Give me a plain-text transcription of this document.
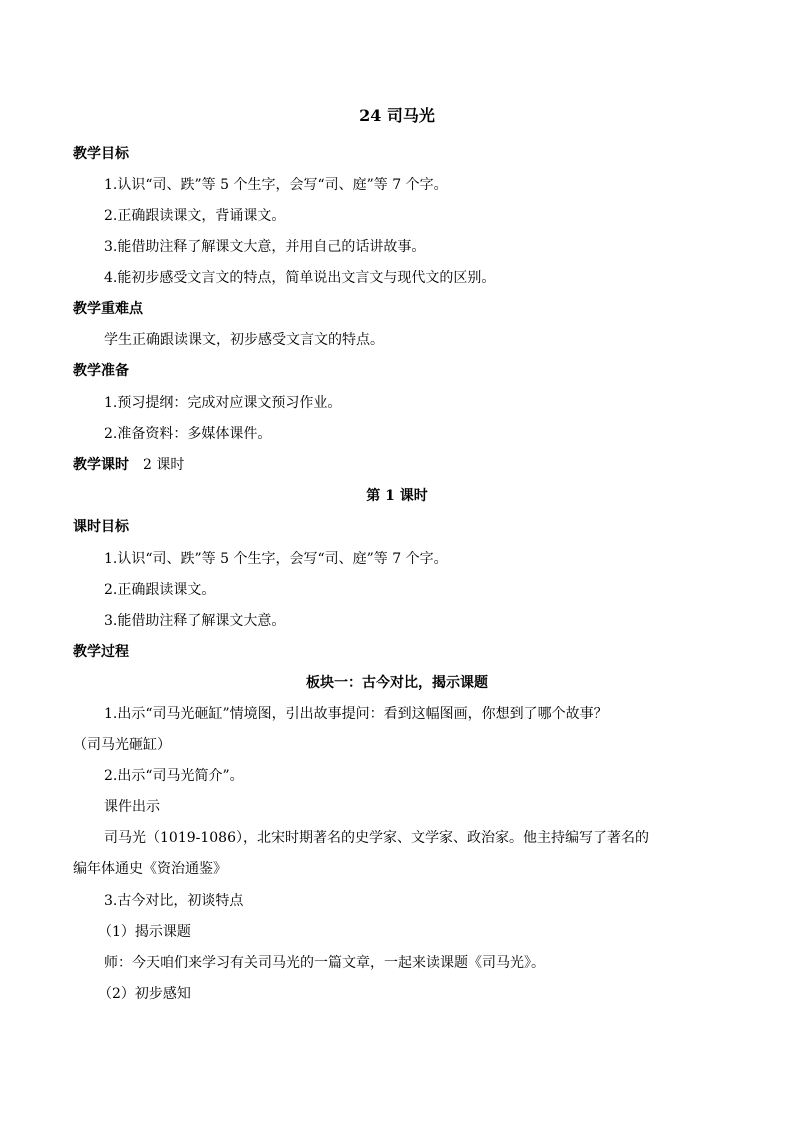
24 司马光
教学目标
1.认识“司、跌”等 5 个生字，会写“司、庭”等 7 个字。
2.正确跟读课文，背诵课文。
3.能借助注释了解课文大意，并用自己的话讲故事。
4.能初步感受文言文的特点，简单说出文言文与现代文的区别。
教学重难点
学生正确跟读课文，初步感受文言文的特点。
教学准备
1.预习提纲：完成对应课文预习作业。
2.准备资料：多媒体课件。
教学课时 2 课时
第 1 课时
课时目标
1.认识“司、跌”等 5 个生字，会写“司、庭”等 7 个字。
2.正确跟读课文。
3.能借助注释了解课文大意。
教学过程
板块一：古今对比，揭示课题
1.出示“司马光砸缸”情境图，引出故事提问：看到这幅图画，你想到了哪个故事？
（司马光砸缸）
2.出示“司马光简介”。
课件出示
司马光（1019-1086），北宋时期著名的史学家、文学家、政治家。他主持编写了著名的
编年体通史《资治通鉴》
3.古今对比，初谈特点
（1）揭示课题
师：今天咱们来学习有关司马光的一篇文章，一起来读课题《司马光》。
（2）初步感知
